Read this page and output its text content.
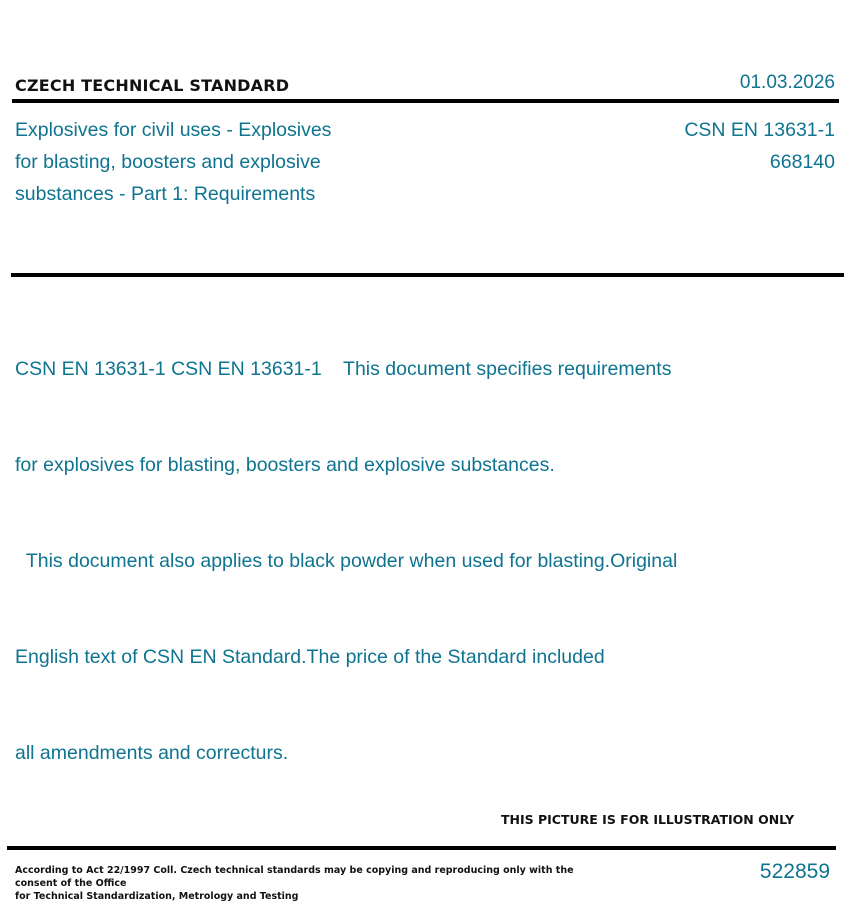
CZECH TECHNICAL STANDARD	01.03.2026
Explosives for civil uses - Explosives
for blasting, boosters and explosive
substances - Part 1: Requirements
CSN EN 13631-1
668140

CSN EN 13631-1 CSN EN 13631-1    This document specifies requirements

for explosives for blasting, boosters and explosive substances.

This document also applies to black powder when used for blasting.Original

English text of CSN EN Standard.The price of the Standard included

all amendments and correcturs.

THIS PICTURE IS FOR ILLUSTRATION ONLY
According to Act 22/1997 Coll. Czech technical standards may be copying and reproducing only with the consent of the Office
for Technical Standardization, Metrology and Testing
522859
